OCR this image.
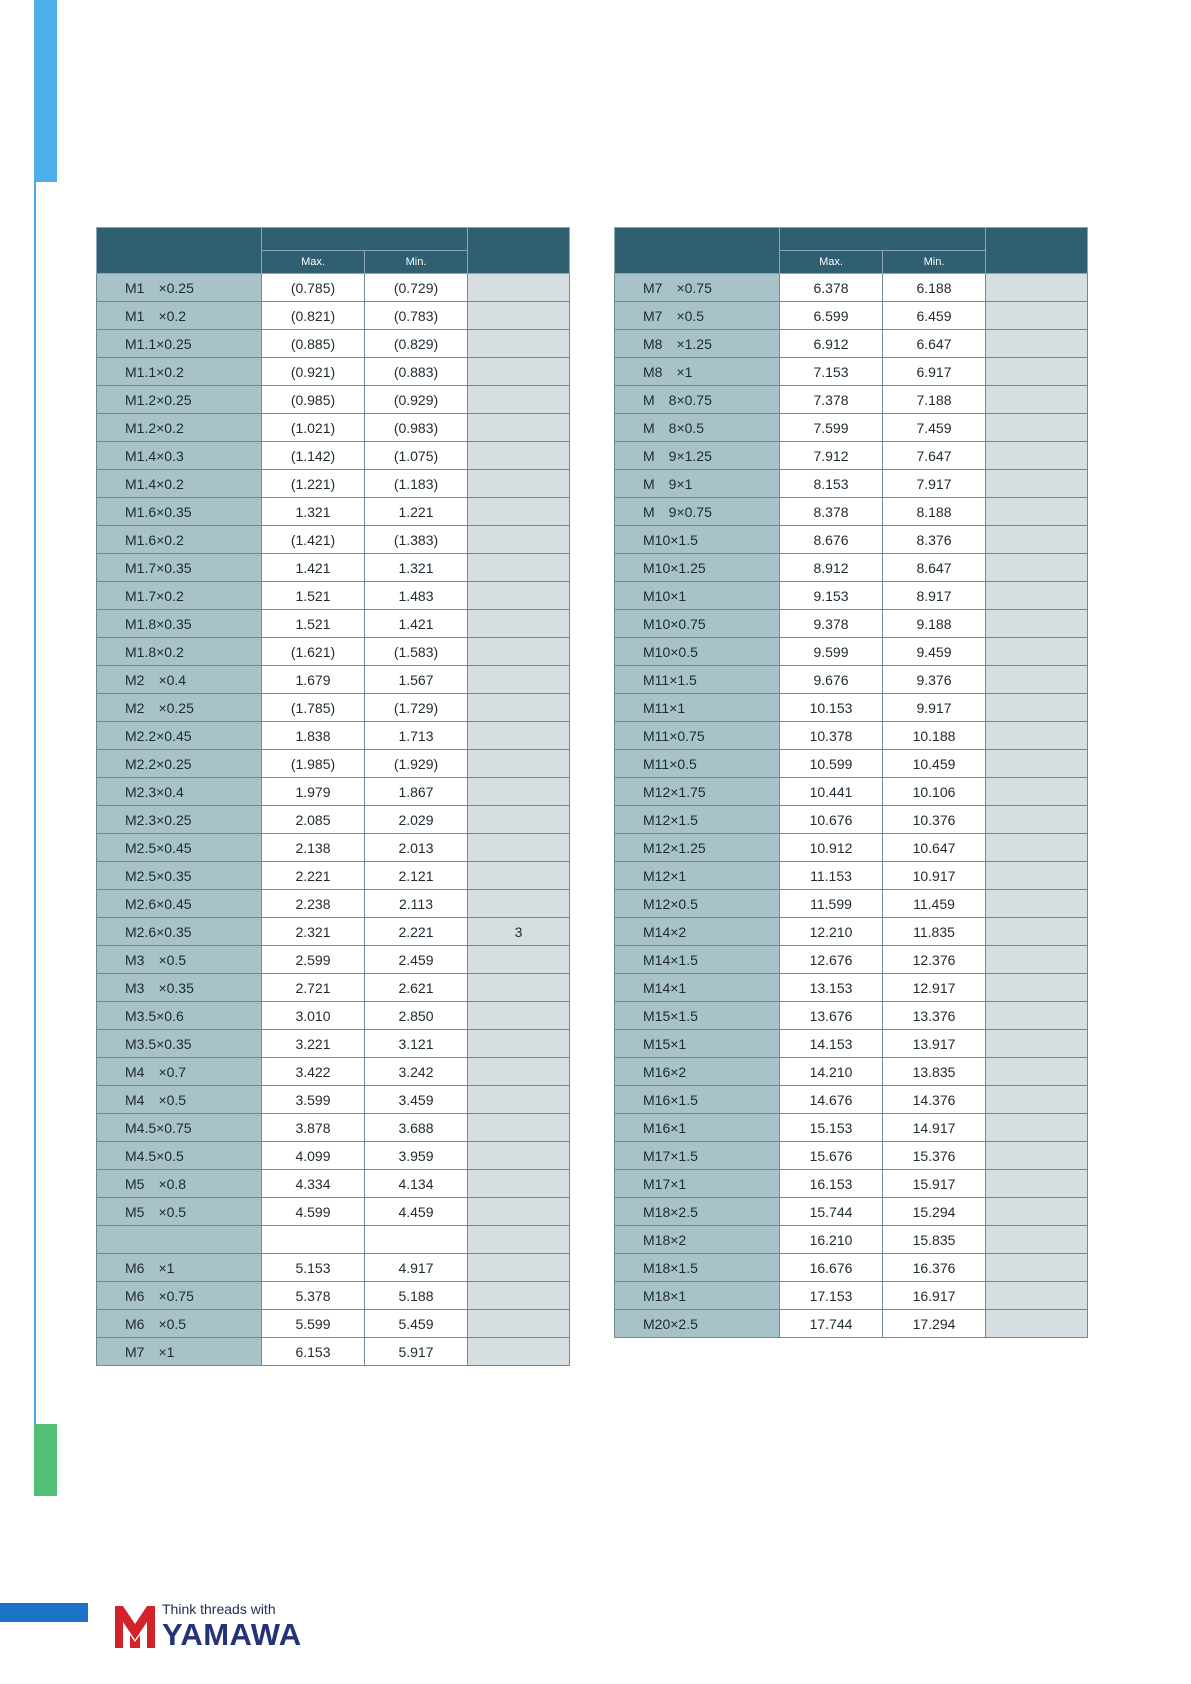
	Max.	Min.	
M1　×0.25	(0.785)	(0.729)	
M1　×0.2	(0.821)	(0.783)	
M1.1×0.25	(0.885)	(0.829)	
M1.1×0.2	(0.921)	(0.883)	
M1.2×0.25	(0.985)	(0.929)	
M1.2×0.2	(1.021)	(0.983)	
M1.4×0.3	(1.142)	(1.075)	
M1.4×0.2	(1.221)	(1.183)	
M1.6×0.35	1.321	1.221	
M1.6×0.2	(1.421)	(1.383)	
M1.7×0.35	1.421	1.321	
M1.7×0.2	1.521	1.483	
M1.8×0.35	1.521	1.421	
M1.8×0.2	(1.621)	(1.583)	
M2　×0.4	1.679	1.567	
M2　×0.25	(1.785)	(1.729)	
M2.2×0.45	1.838	1.713	
M2.2×0.25	(1.985)	(1.929)	
M2.3×0.4	1.979	1.867	
M2.3×0.25	2.085	2.029	
M2.5×0.45	2.138	2.013	
M2.5×0.35	2.221	2.121	
M2.6×0.45	2.238	2.113	
M2.6×0.35	2.321	2.221	3
M3　×0.5	2.599	2.459	
M3　×0.35	2.721	2.621	
M3.5×0.6	3.010	2.850	
M3.5×0.35	3.221	3.121	
M4　×0.7	3.422	3.242	
M4　×0.5	3.599	3.459	
M4.5×0.75	3.878	3.688	
M4.5×0.5	4.099	3.959	
M5　×0.8	4.334	4.134	
M5　×0.5	4.599	4.459	

M6　×1	5.153	4.917	
M6　×0.75	5.378	5.188	
M6　×0.5	5.599	5.459	
M7　×1	6.153	5.917	

	Max.	Min.	
M7　×0.75	6.378	6.188	
M7　×0.5	6.599	6.459	
M8　×1.25	6.912	6.647	
M8　×1	7.153	6.917	
M　8×0.75	7.378	7.188	
M　8×0.5	7.599	7.459	
M　9×1.25	7.912	7.647	
M　9×1	8.153	7.917	
M　9×0.75	8.378	8.188	
M10×1.5	8.676	8.376	
M10×1.25	8.912	8.647	
M10×1	9.153	8.917	
M10×0.75	9.378	9.188	
M10×0.5	9.599	9.459	
M11×1.5	9.676	9.376	
M11×1	10.153	9.917	
M11×0.75	10.378	10.188	
M11×0.5	10.599	10.459	
M12×1.75	10.441	10.106	
M12×1.5	10.676	10.376	
M12×1.25	10.912	10.647	
M12×1	11.153	10.917	
M12×0.5	11.599	11.459	
M14×2	12.210	11.835	
M14×1.5	12.676	12.376	
M14×1	13.153	12.917	
M15×1.5	13.676	13.376	
M15×1	14.153	13.917	
M16×2	14.210	13.835	
M16×1.5	14.676	14.376	
M16×1	15.153	14.917	
M17×1.5	15.676	15.376	
M17×1	16.153	15.917	
M18×2.5	15.744	15.294	
M18×2	16.210	15.835	
M18×1.5	16.676	16.376	
M18×1	17.153	16.917	
M20×2.5	17.744	17.294	
Think threads with
YAMAWA
